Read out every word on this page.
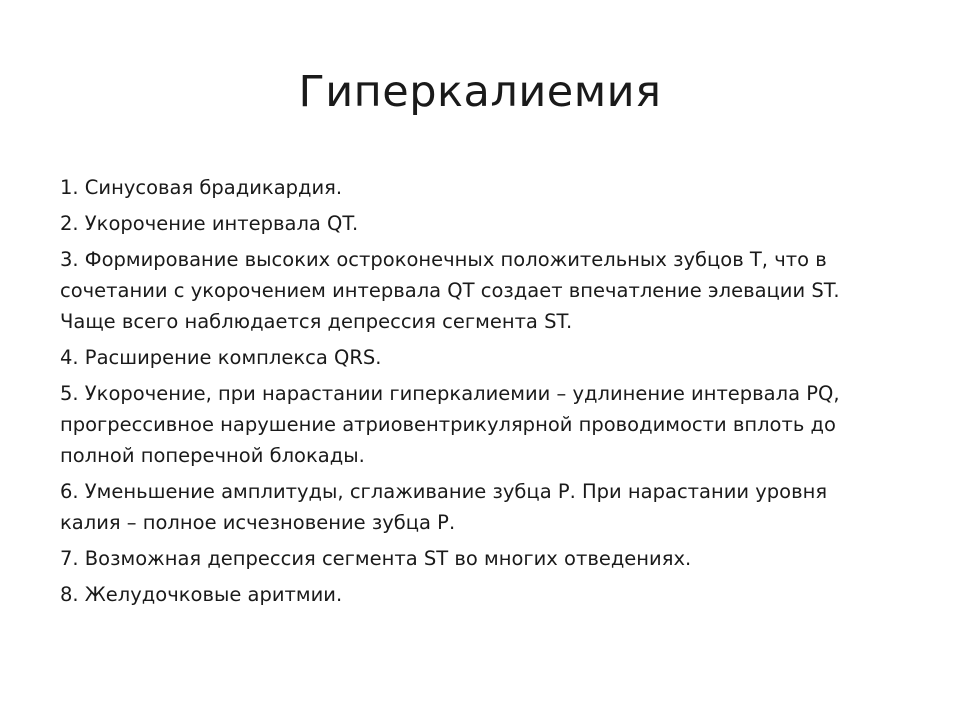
Гиперкалиемия
1. Синусовая брадикардия.
2. Укорочение интервала QT.
3. Формирование высоких остроконечных положительных зубцов Т, что в сочетании с укорочением интервала QT создает впечатление элевации ST. Чаще всего наблюдается депрессия сегмента ST.
4. Расширение комплекса QRS.
5. Укорочение, при нарастании гиперкалиемии – удлинение интервала PQ, прогрессивное нарушение атриовентрикулярной проводимости вплоть до полной поперечной блокады.
6. Уменьшение амплитуды, сглаживание зубца Р. При нарастании уровня калия – полное исчезновение зубца Р.
7. Возможная депрессия сегмента ST во многих отведениях.
8. Желудочковые аритмии.
